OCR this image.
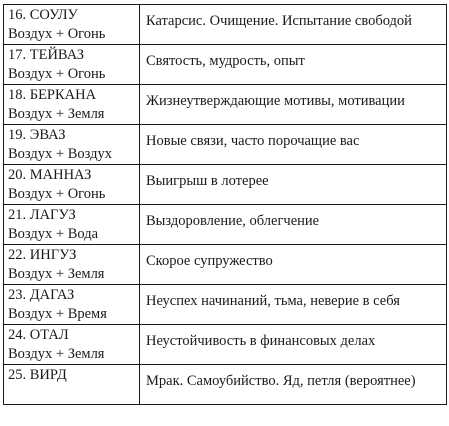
16. СОУЛУ
Воздух + Огонь	Катарсис. Очищение. Испытание свободой

17. ТЕЙВАЗ
Воздух + Огонь	Святость, мудрость, опыт

18. БЕРКАНА
Воздух + Земля	Жизнеутверждающие мотивы, мотивации

19. ЭВАЗ
Воздух + Воздух	Новые связи, часто порочащие вас

20. МАННАЗ
Воздух + Огонь	Выигрыш в лотерее

21. ЛАГУЗ
Воздух + Вода	Выздоровление, облегчение

22. ИНГУЗ
Воздух + Земля	Скорое супружество

23. ДАГАЗ
Воздух + Время	Неуспех начинаний, тьма, неверие в себя

24. ОТАЛ
Воздух + Земля	Неустойчивость в финансовых делах

25. ВИРД	Мрак. Самоубийство. Яд, петля (вероятнее)
